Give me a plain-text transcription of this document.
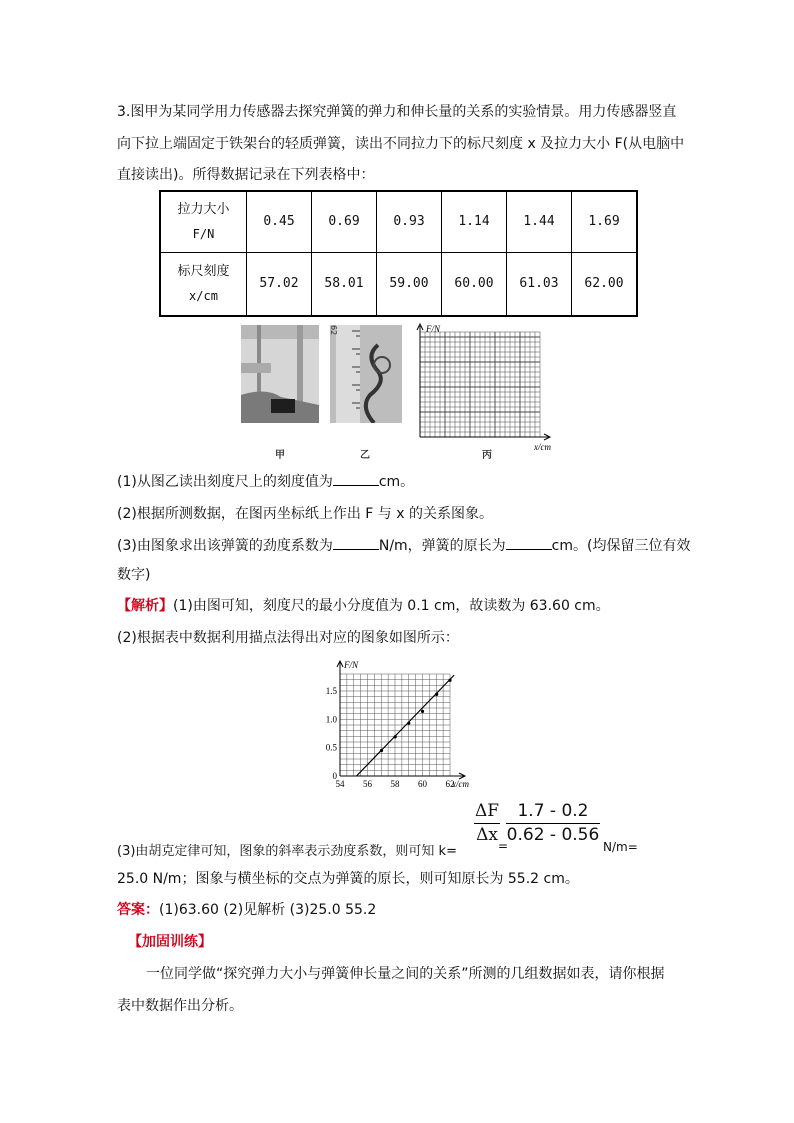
3.图甲为某同学用力传感器去探究弹簧的弹力和伸长量的关系的实验情景。用力传感器竖直

向下拉上端固定于铁架台的轻质弹簧，读出不同拉力下的标尺刻度 x 及拉力大小 F(从电脑中

直接读出)。所得数据记录在下列表格中：

拉力大小
F/N	0.45	0.69	0.93	1.14	1.44	1.69

标尺刻度
x/cm	57.02	58.01	59.00	60.00	61.03	62.00
甲
62
乙
F/N
x/cm
丙

(1)从图乙读出刻度尺上的刻度值为	cm。

(2)根据所测数据，在图丙坐标纸上作出 F 与 x 的关系图象。

(3)由图象求出该弹簧的劲度系数为	N/m，弹簧的原长为	cm。(均保留三位有效

数字)

【解析】(1)由图可知，刻度尺的最小分度值为 0.1 cm，故读数为 63.60 cm。

(2)根据表中数据利用描点法得出对应的图象如图所示：

54 56 58 60 62
0
0.5
1.0
1.5
F/N
x/cm
$\frac{\Delta F}{\Delta x} \frac{1.7 - 0.2}{0.62 - 0.56}$

(3)由胡克定律可知，图象的斜率表示劲度系数，则可知 k=	=	N/m=

25.0 N/m；图象与横坐标的交点为弹簧的原长，则可知原长为 55.2 cm。

答案：(1)63.60 (2)见解析 (3)25.0 55.2

【加固训练】

一位同学做“探究弹力大小与弹簧伸长量之间的关系”所测的几组数据如表，请你根据

表中数据作出分析。
